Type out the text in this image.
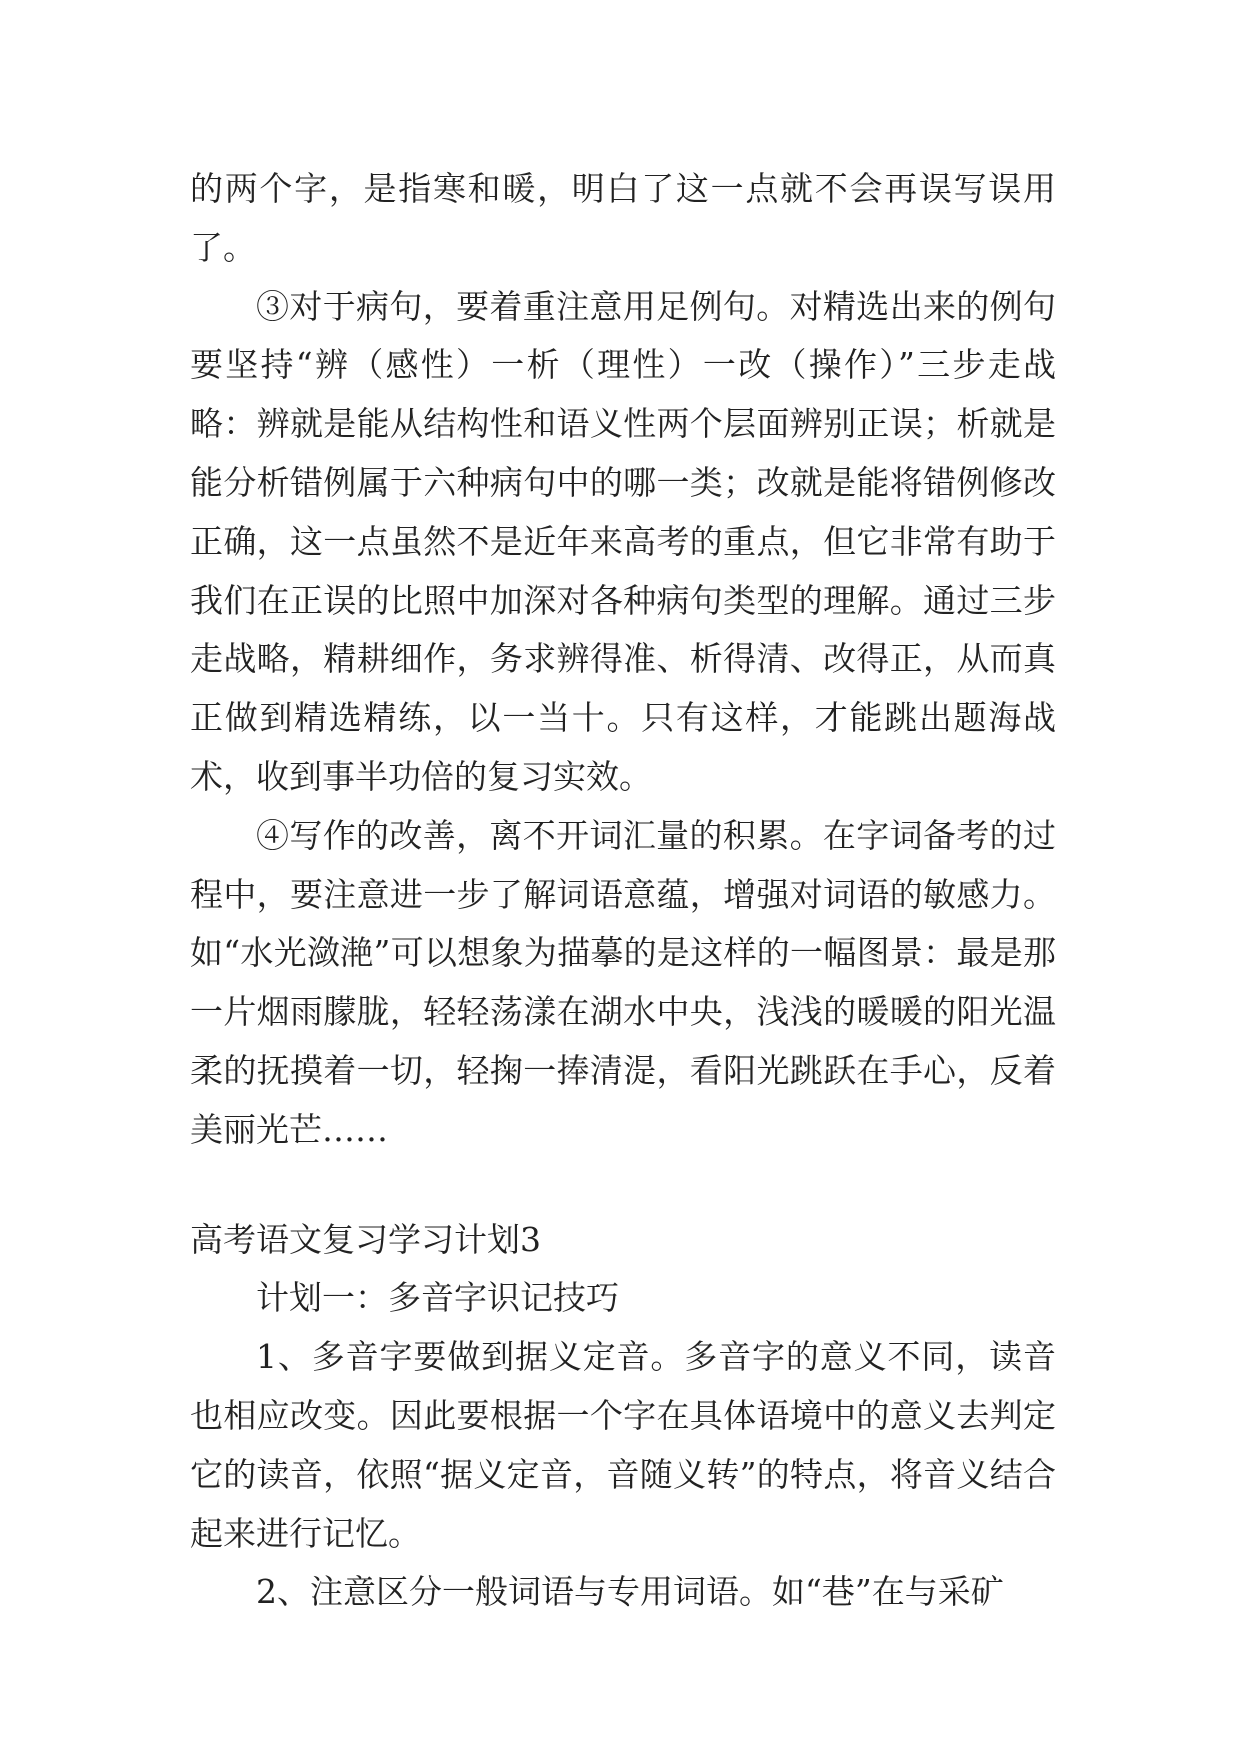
的两个字，是指寒和暖，明白了这一点就不会再误写误用了。

③对于病句，要着重注意用足例句。对精选出来的例句要坚持“辨（感性）一析（理性）一改（操作）”三步走战略：辨就是能从结构性和语义性两个层面辨别正误；析就是能分析错例属于六种病句中的哪一类；改就是能将错例修改正确，这一点虽然不是近年来高考的重点，但它非常有助于我们在正误的比照中加深对各种病句类型的理解。通过三步走战略，精耕细作，务求辨得准、析得清、改得正，从而真正做到精选精练，以一当十。只有这样，才能跳出题海战术，收到事半功倍的复习实效。

④写作的改善，离不开词汇量的积累。在字词备考的过程中，要注意进一步了解词语意蕴，增强对词语的敏感力。如“水光潋滟”可以想象为描摹的是这样的一幅图景：最是那一片烟雨朦胧，轻轻荡漾在湖水中央，浅浅的暖暖的阳光温柔的抚摸着一切，轻掬一捧清湜，看阳光跳跃在手心，反着美丽光芒……

高考语文复习学习计划3

计划一：多音字识记技巧

1、多音字要做到据义定音。多音字的意义不同，读音也相应改变。因此要根据一个字在具体语境中的意义去判定它的读音，依照“据义定音，音随义转”的特点，将音义结合起来进行记忆。

2、注意区分一般词语与专用词语。如“巷”在与采矿
